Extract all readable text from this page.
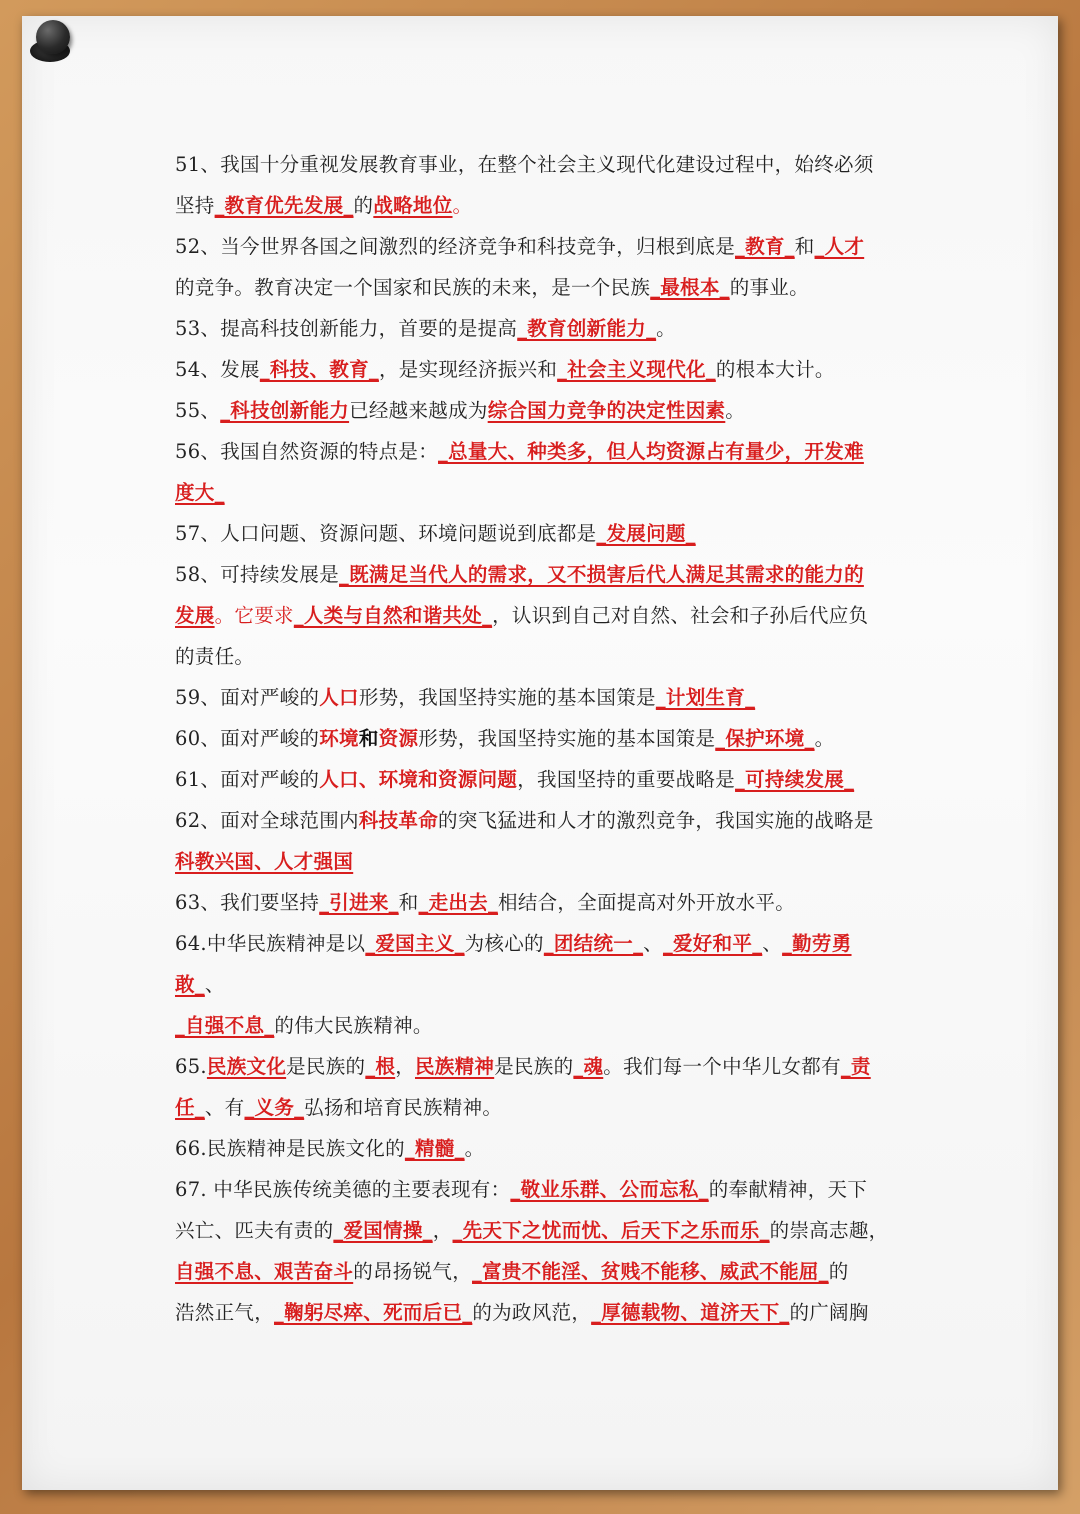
51、我国十分重视发展教育事业，在整个社会主义现代化建设过程中，始终必须
坚持_教育优先发展_的战略地位。
52、当今世界各国之间激烈的经济竞争和科技竞争，归根到底是_教育_和_人才
的竞争。教育决定一个国家和民族的未来，是一个民族_最根本_的事业。
53、提高科技创新能力，首要的是提高_教育创新能力_。
54、发展_科技、教育_，是实现经济振兴和_社会主义现代化_的根本大计。
55、_科技创新能力已经越来越成为综合国力竞争的决定性因素。
56、我国自然资源的特点是：_总量大、种类多，但人均资源占有量少，开发难
度大_
57、人口问题、资源问题、环境问题说到底都是_发展问题_
58、可持续发展是_既满足当代人的需求，又不损害后代人满足其需求的能力的
发展。它要求_人类与自然和谐共处_，认识到自己对自然、社会和子孙后代应负
的责任。
59、面对严峻的人口形势，我国坚持实施的基本国策是_计划生育_
60、面对严峻的环境和资源形势，我国坚持实施的基本国策是_保护环境_。
61、面对严峻的人口、环境和资源问题，我国坚持的重要战略是_可持续发展_
62、面对全球范围内科技革命的突飞猛进和人才的激烈竞争，我国实施的战略是
科教兴国、人才强国
63、我们要坚持_引进来_和_走出去_相结合，全面提高对外开放水平。
64.中华民族精神是以_爱国主义_为核心的_团结统一_、_爱好和平_、_勤劳勇
敢_、
_自强不息_的伟大民族精神。
65.民族文化是民族的_根，民族精神是民族的_魂。我们每一个中华儿女都有_责
任_、有_义务_弘扬和培育民族精神。
66.民族精神是民族文化的_精髓_。
67. 中华民族传统美德的主要表现有：_敬业乐群、公而忘私_的奉献精神，天下
兴亡、匹夫有责的_爱国情操_，_先天下之忧而忧、后天下之乐而乐_的崇高志趣，
自强不息、艰苦奋斗的昂扬锐气，_富贵不能淫、贫贱不能移、威武不能屈_的
浩然正气，_鞠躬尽瘁、死而后已_的为政风范，_厚德载物、道济天下_的广阔胸
